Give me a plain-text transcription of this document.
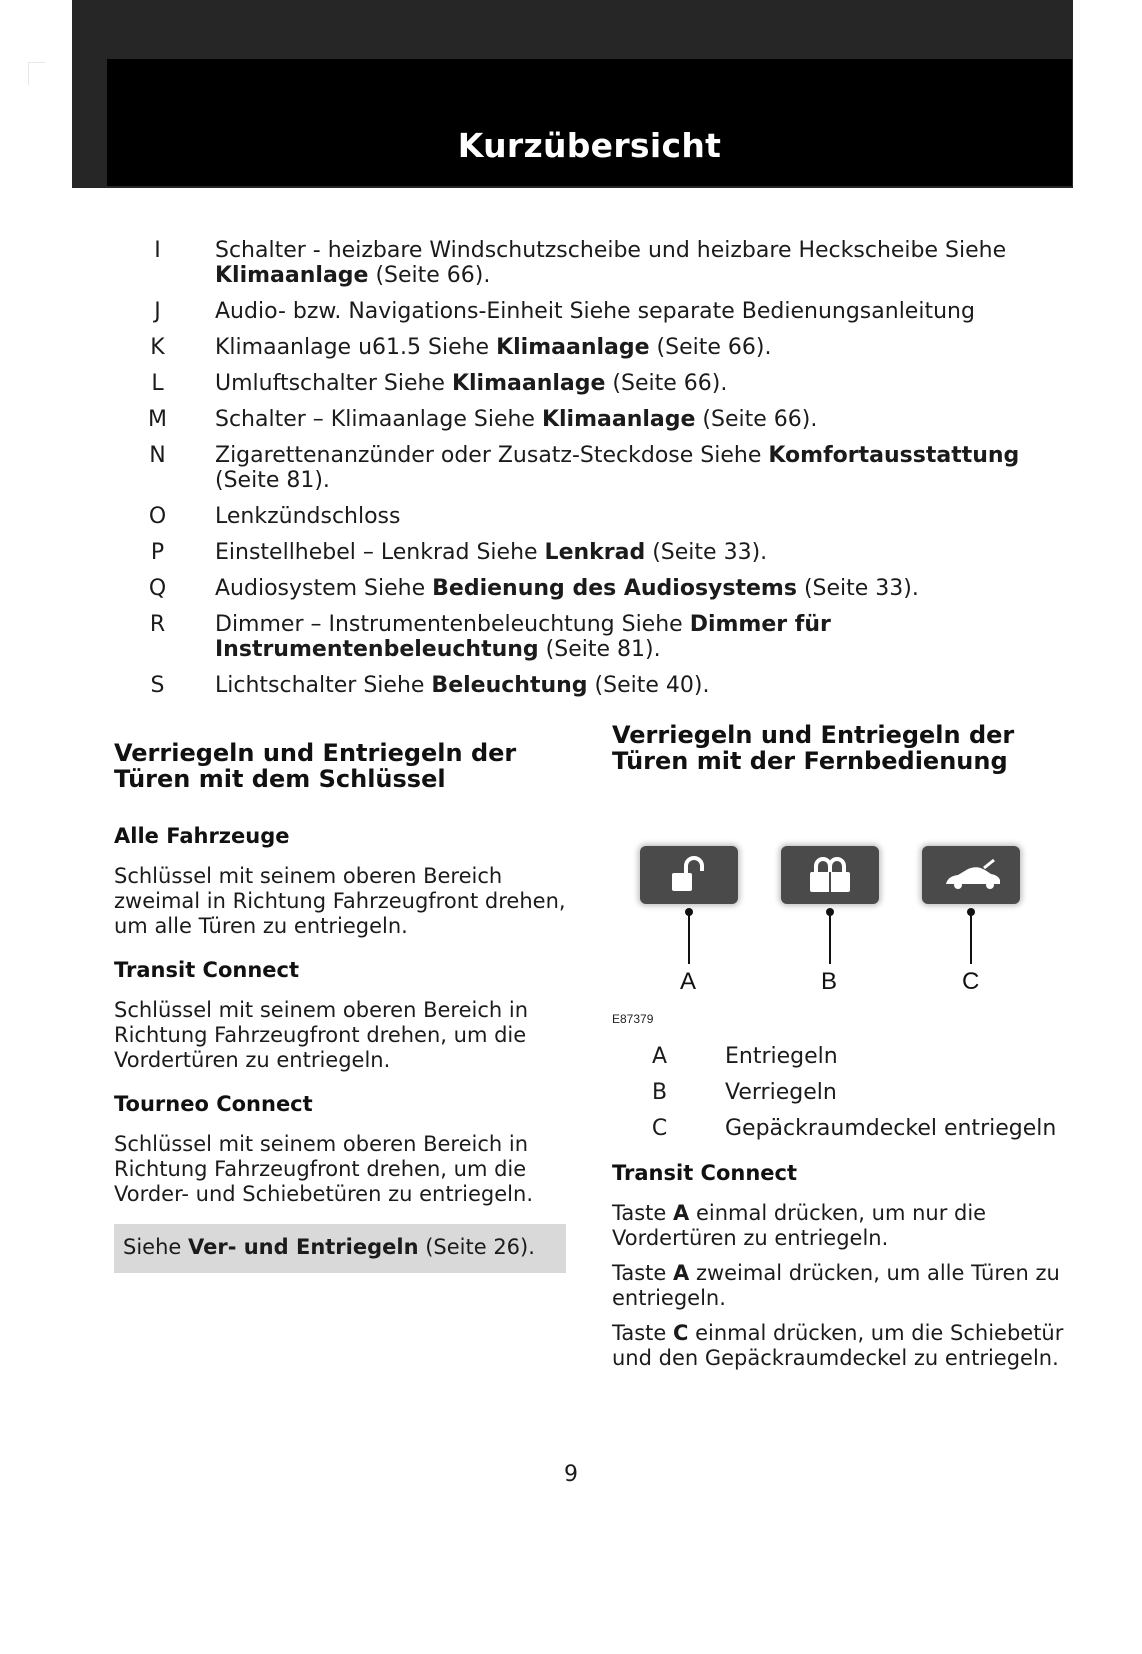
Kurzübersicht
I	Schalter - heizbare Windschutzscheibe und heizbare Heckscheibe Siehe Klimaanlage (Seite 66).
J	Audio- bzw. Navigations-Einheit Siehe separate Bedienungsanleitung
K	Klimaanlage u61.5 Siehe Klimaanlage (Seite 66).
L	Umluftschalter Siehe Klimaanlage (Seite 66).
M	Schalter – Klimaanlage Siehe Klimaanlage (Seite 66).
N	Zigarettenanzünder oder Zusatz-Steckdose Siehe Komfortausstattung (Seite 81).
O	Lenkzündschloss
P	Einstellhebel – Lenkrad Siehe Lenkrad (Seite 33).
Q	Audiosystem Siehe Bedienung des Audiosystems (Seite 33).
R	Dimmer – Instrumentenbeleuchtung Siehe Dimmer für Instrumentenbeleuchtung (Seite 81).
S	Lichtschalter Siehe Beleuchtung (Seite 40).
Verriegeln und Entriegeln der Türen mit dem Schlüssel
Alle Fahrzeuge

Schlüssel mit seinem oberen Bereich zweimal in Richtung Fahrzeugfront drehen, um alle Türen zu entriegeln.

Transit Connect

Schlüssel mit seinem oberen Bereich in Richtung Fahrzeugfront drehen, um die Vordertüren zu entriegeln.

Tourneo Connect

Schlüssel mit seinem oberen Bereich in Richtung Fahrzeugfront drehen, um die Vorder- und Schiebetüren zu entriegeln.

Siehe Ver- und Entriegeln (Seite 26).
Verriegeln und Entriegeln der Türen mit der Fernbedienung
A	B	C
E87379
A	Entriegeln
B	Verriegeln
C	Gepäckraumdeckel entriegeln
Transit Connect

Taste A einmal drücken, um nur die Vordertüren zu entriegeln.

Taste A zweimal drücken, um alle Türen zu entriegeln.

Taste C einmal drücken, um die Schiebetür und den Gepäckraumdeckel zu entriegeln.

9
